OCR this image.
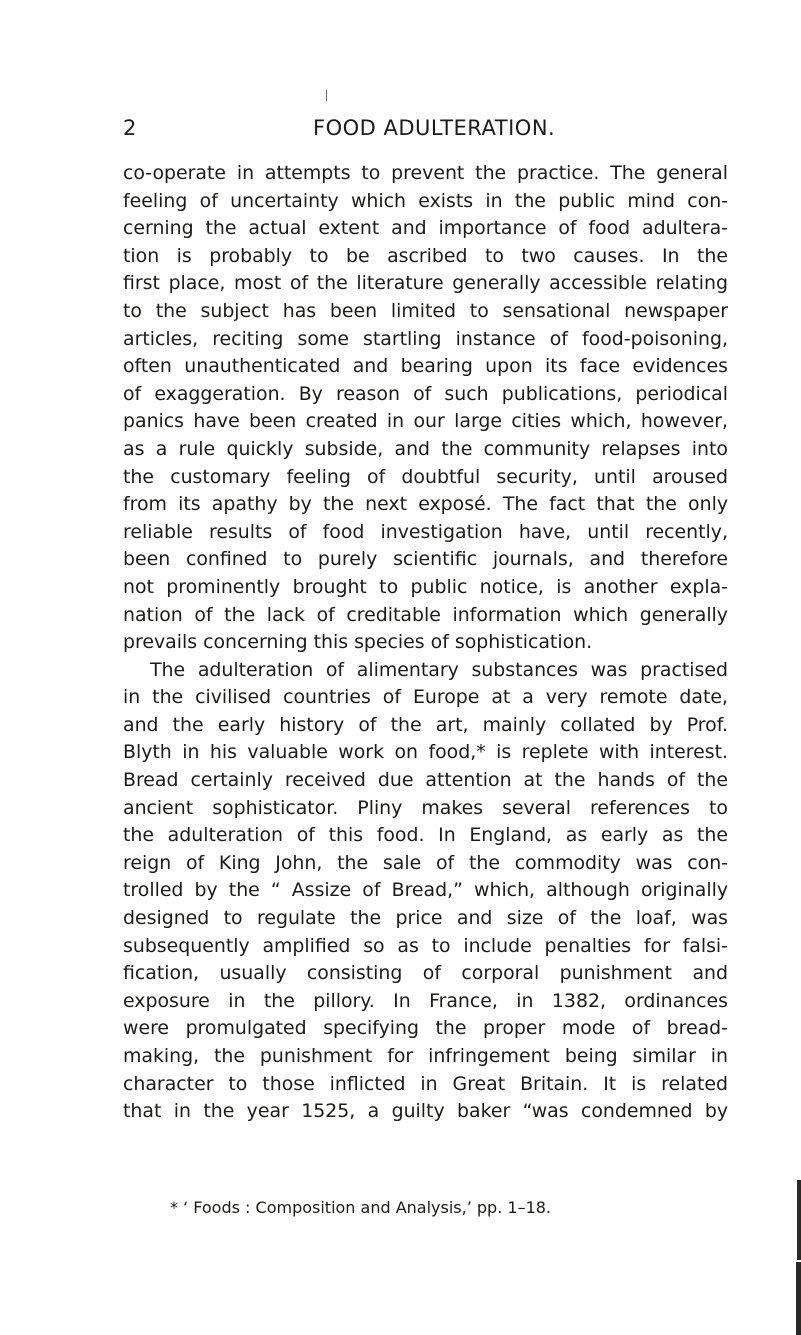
2	FOOD ADULTERATION.
co-operate in attempts to prevent the practice. The general
feeling of uncertainty which exists in the public mind con-
cerning the actual extent and importance of food adultera-
tion is probably to be ascribed to two causes. In the
first place, most of the literature generally accessible relating
to the subject has been limited to sensational newspaper
articles, reciting some startling instance of food-poisoning,
often unauthenticated and bearing upon its face evidences
of exaggeration. By reason of such publications, periodical
panics have been created in our large cities which, however,
as a rule quickly subside, and the community relapses into
the customary feeling of doubtful security, until aroused
from its apathy by the next exposé. The fact that the only
reliable results of food investigation have, until recently,
been confined to purely scientific journals, and therefore
not prominently brought to public notice, is another expla-
nation of the lack of creditable information which generally
prevails concerning this species of sophistication.
The adulteration of alimentary substances was practised
in the civilised countries of Europe at a very remote date,
and the early history of the art, mainly collated by Prof.
Blyth in his valuable work on food,* is replete with interest.
Bread certainly received due attention at the hands of the
ancient sophisticator. Pliny makes several references to
the adulteration of this food. In England, as early as the
reign of King John, the sale of the commodity was con-
trolled by the “ Assize of Bread,” which, although originally
designed to regulate the price and size of the loaf, was
subsequently amplified so as to include penalties for falsi-
fication, usually consisting of corporal punishment and
exposure in the pillory. In France, in 1382, ordinances
were promulgated specifying the proper mode of bread-
making, the punishment for infringement being similar in
character to those inflicted in Great Britain. It is related
that in the year 1525, a guilty baker “was condemned by
* ‘ Foods : Composition and Analysis,’ pp. 1–18.
